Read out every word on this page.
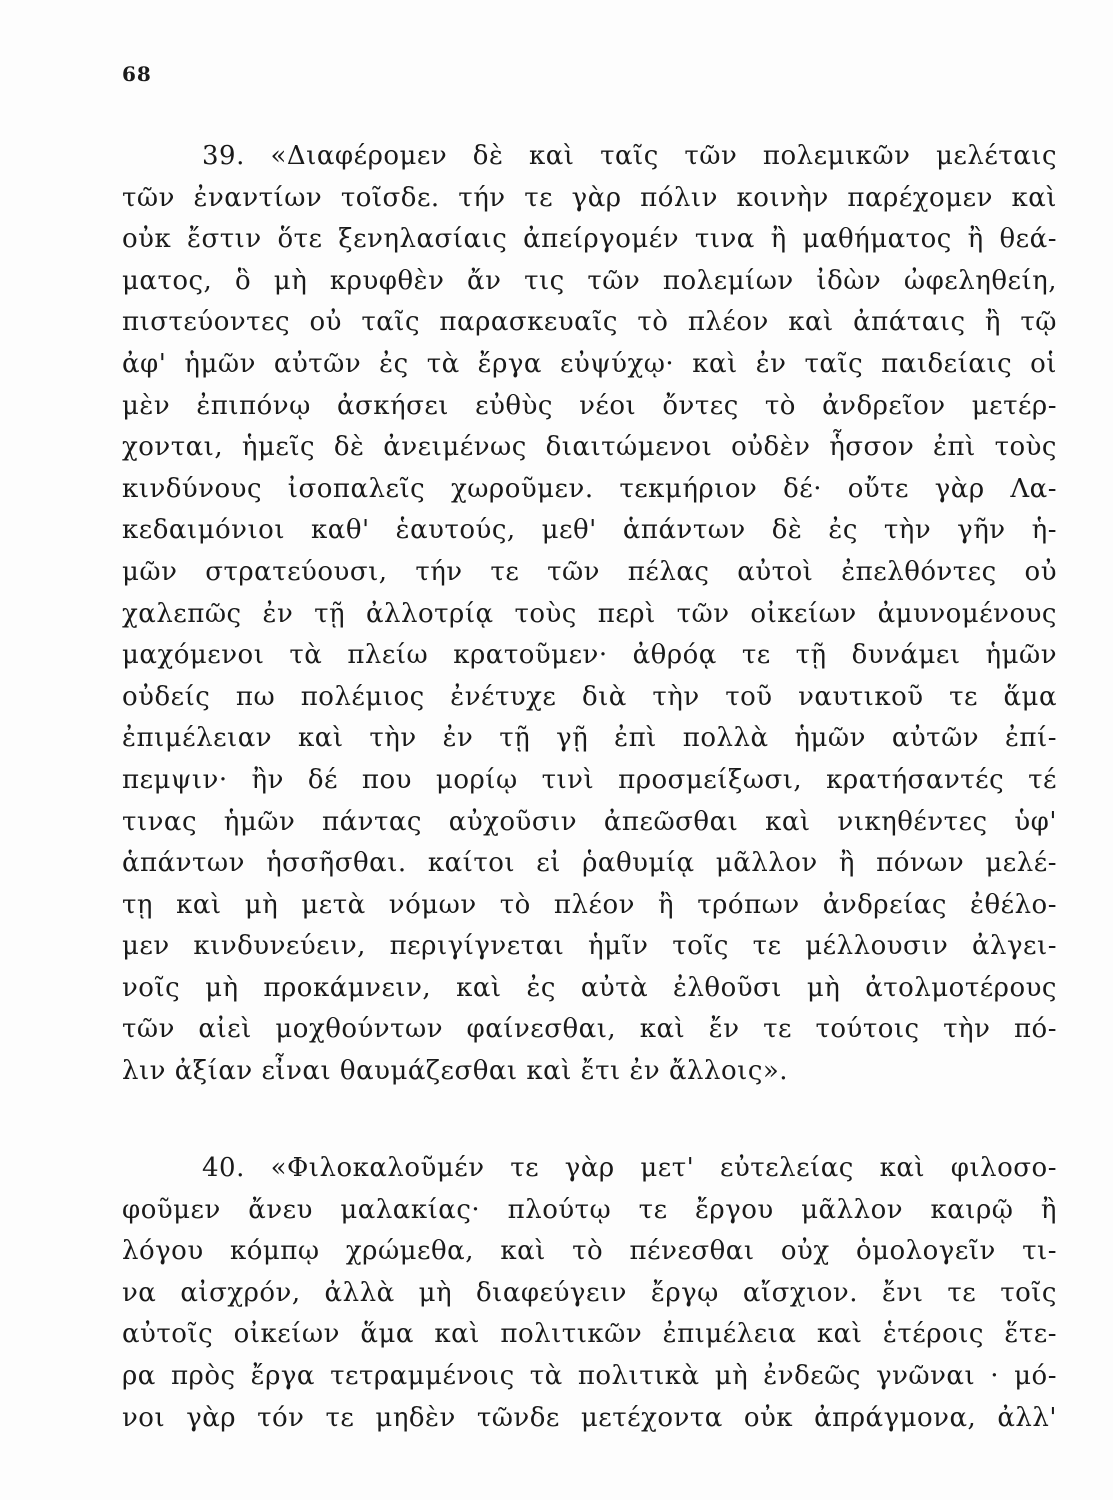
68
39. «Διαφέρομεν δὲ καὶ ταῖς τῶν πολεμικῶν μελέταις
τῶν ἐναντίων τοῖσδε. τήν τε γὰρ πόλιν κοινὴν παρέχομεν καὶ
οὐκ ἔστιν ὅτε ξενηλασίαις ἀπείργομέν τινα ἢ μαθήματος ἢ θεά-
ματος, ὃ μὴ κρυφθὲν ἄν τις τῶν πολεμίων ἰδὼν ὠφεληθείη,
πιστεύοντες οὐ ταῖς παρασκευαῖς τὸ πλέον καὶ ἀπάταις ἢ τῷ
ἀφ' ἡμῶν αὐτῶν ἐς τὰ ἔργα εὐψύχῳ· καὶ ἐν ταῖς παιδείαις οἱ
μὲν ἐπιπόνῳ ἀσκήσει εὐθὺς νέοι ὄντες τὸ ἀνδρεῖον μετέρ-
χονται, ἡμεῖς δὲ ἀνειμένως διαιτώμενοι οὐδὲν ἧσσον ἐπὶ τοὺς
κινδύνους ἰσοπαλεῖς χωροῦμεν. τεκμήριον δέ· οὔτε γὰρ Λα-
κεδαιμόνιοι καθ' ἑαυτούς, μεθ' ἁπάντων δὲ ἐς τὴν γῆν ἡ-
μῶν στρατεύουσι, τήν τε τῶν πέλας αὐτοὶ ἐπελθόντες οὐ
χαλεπῶς ἐν τῇ ἀλλοτρίᾳ τοὺς περὶ τῶν οἰκείων ἀμυνομένους
μαχόμενοι τὰ πλείω κρατοῦμεν· ἀθρόᾳ τε τῇ δυνάμει ἡμῶν
οὐδείς πω πολέμιος ἐνέτυχε διὰ τὴν τοῦ ναυτικοῦ τε ἅμα
ἐπιμέλειαν καὶ τὴν ἐν τῇ γῇ ἐπὶ πολλὰ ἡμῶν αὐτῶν ἐπί-
πεμψιν· ἢν δέ που μορίῳ τινὶ προσμείξωσι, κρατήσαντές τέ
τινας ἡμῶν πάντας αὐχοῦσιν ἀπεῶσθαι καὶ νικηθέντες ὑφ'
ἁπάντων ἡσσῆσθαι. καίτοι εἰ ῥαθυμίᾳ μᾶλλον ἢ πόνων μελέ-
τῃ καὶ μὴ μετὰ νόμων τὸ πλέον ἢ τρόπων ἀνδρείας ἐθέλο-
μεν κινδυνεύειν, περιγίγνεται ἡμῖν τοῖς τε μέλλουσιν ἀλγει-
νοῖς μὴ προκάμνειν, καὶ ἐς αὐτὰ ἐλθοῦσι μὴ ἀτολμοτέρους
τῶν αἰεὶ μοχθούντων φαίνεσθαι, καὶ ἔν τε τούτοις τὴν πό-
λιν ἀξίαν εἶναι θαυμάζεσθαι καὶ ἔτι ἐν ἄλλοις».
40. «Φιλοκαλοῦμέν τε γὰρ μετ' εὐτελείας καὶ φιλοσο-
φοῦμεν ἄνευ μαλακίας· πλούτῳ τε ἔργου μᾶλλον καιρῷ ἢ
λόγου κόμπῳ χρώμεθα, καὶ τὸ πένεσθαι οὐχ ὁμολογεῖν τι-
να αἰσχρόν, ἀλλὰ μὴ διαφεύγειν ἔργῳ αἴσχιον. ἔνι τε τοῖς
αὐτοῖς οἰκείων ἅμα καὶ πολιτικῶν ἐπιμέλεια καὶ ἑτέροις ἕτε-
ρα πρὸς ἔργα τετραμμένοις τὰ πολιτικὰ μὴ ἐνδεῶς γνῶναι · μό-
νοι γὰρ τόν τε μηδὲν τῶνδε μετέχοντα οὐκ ἀπράγμονα, ἀλλ'
